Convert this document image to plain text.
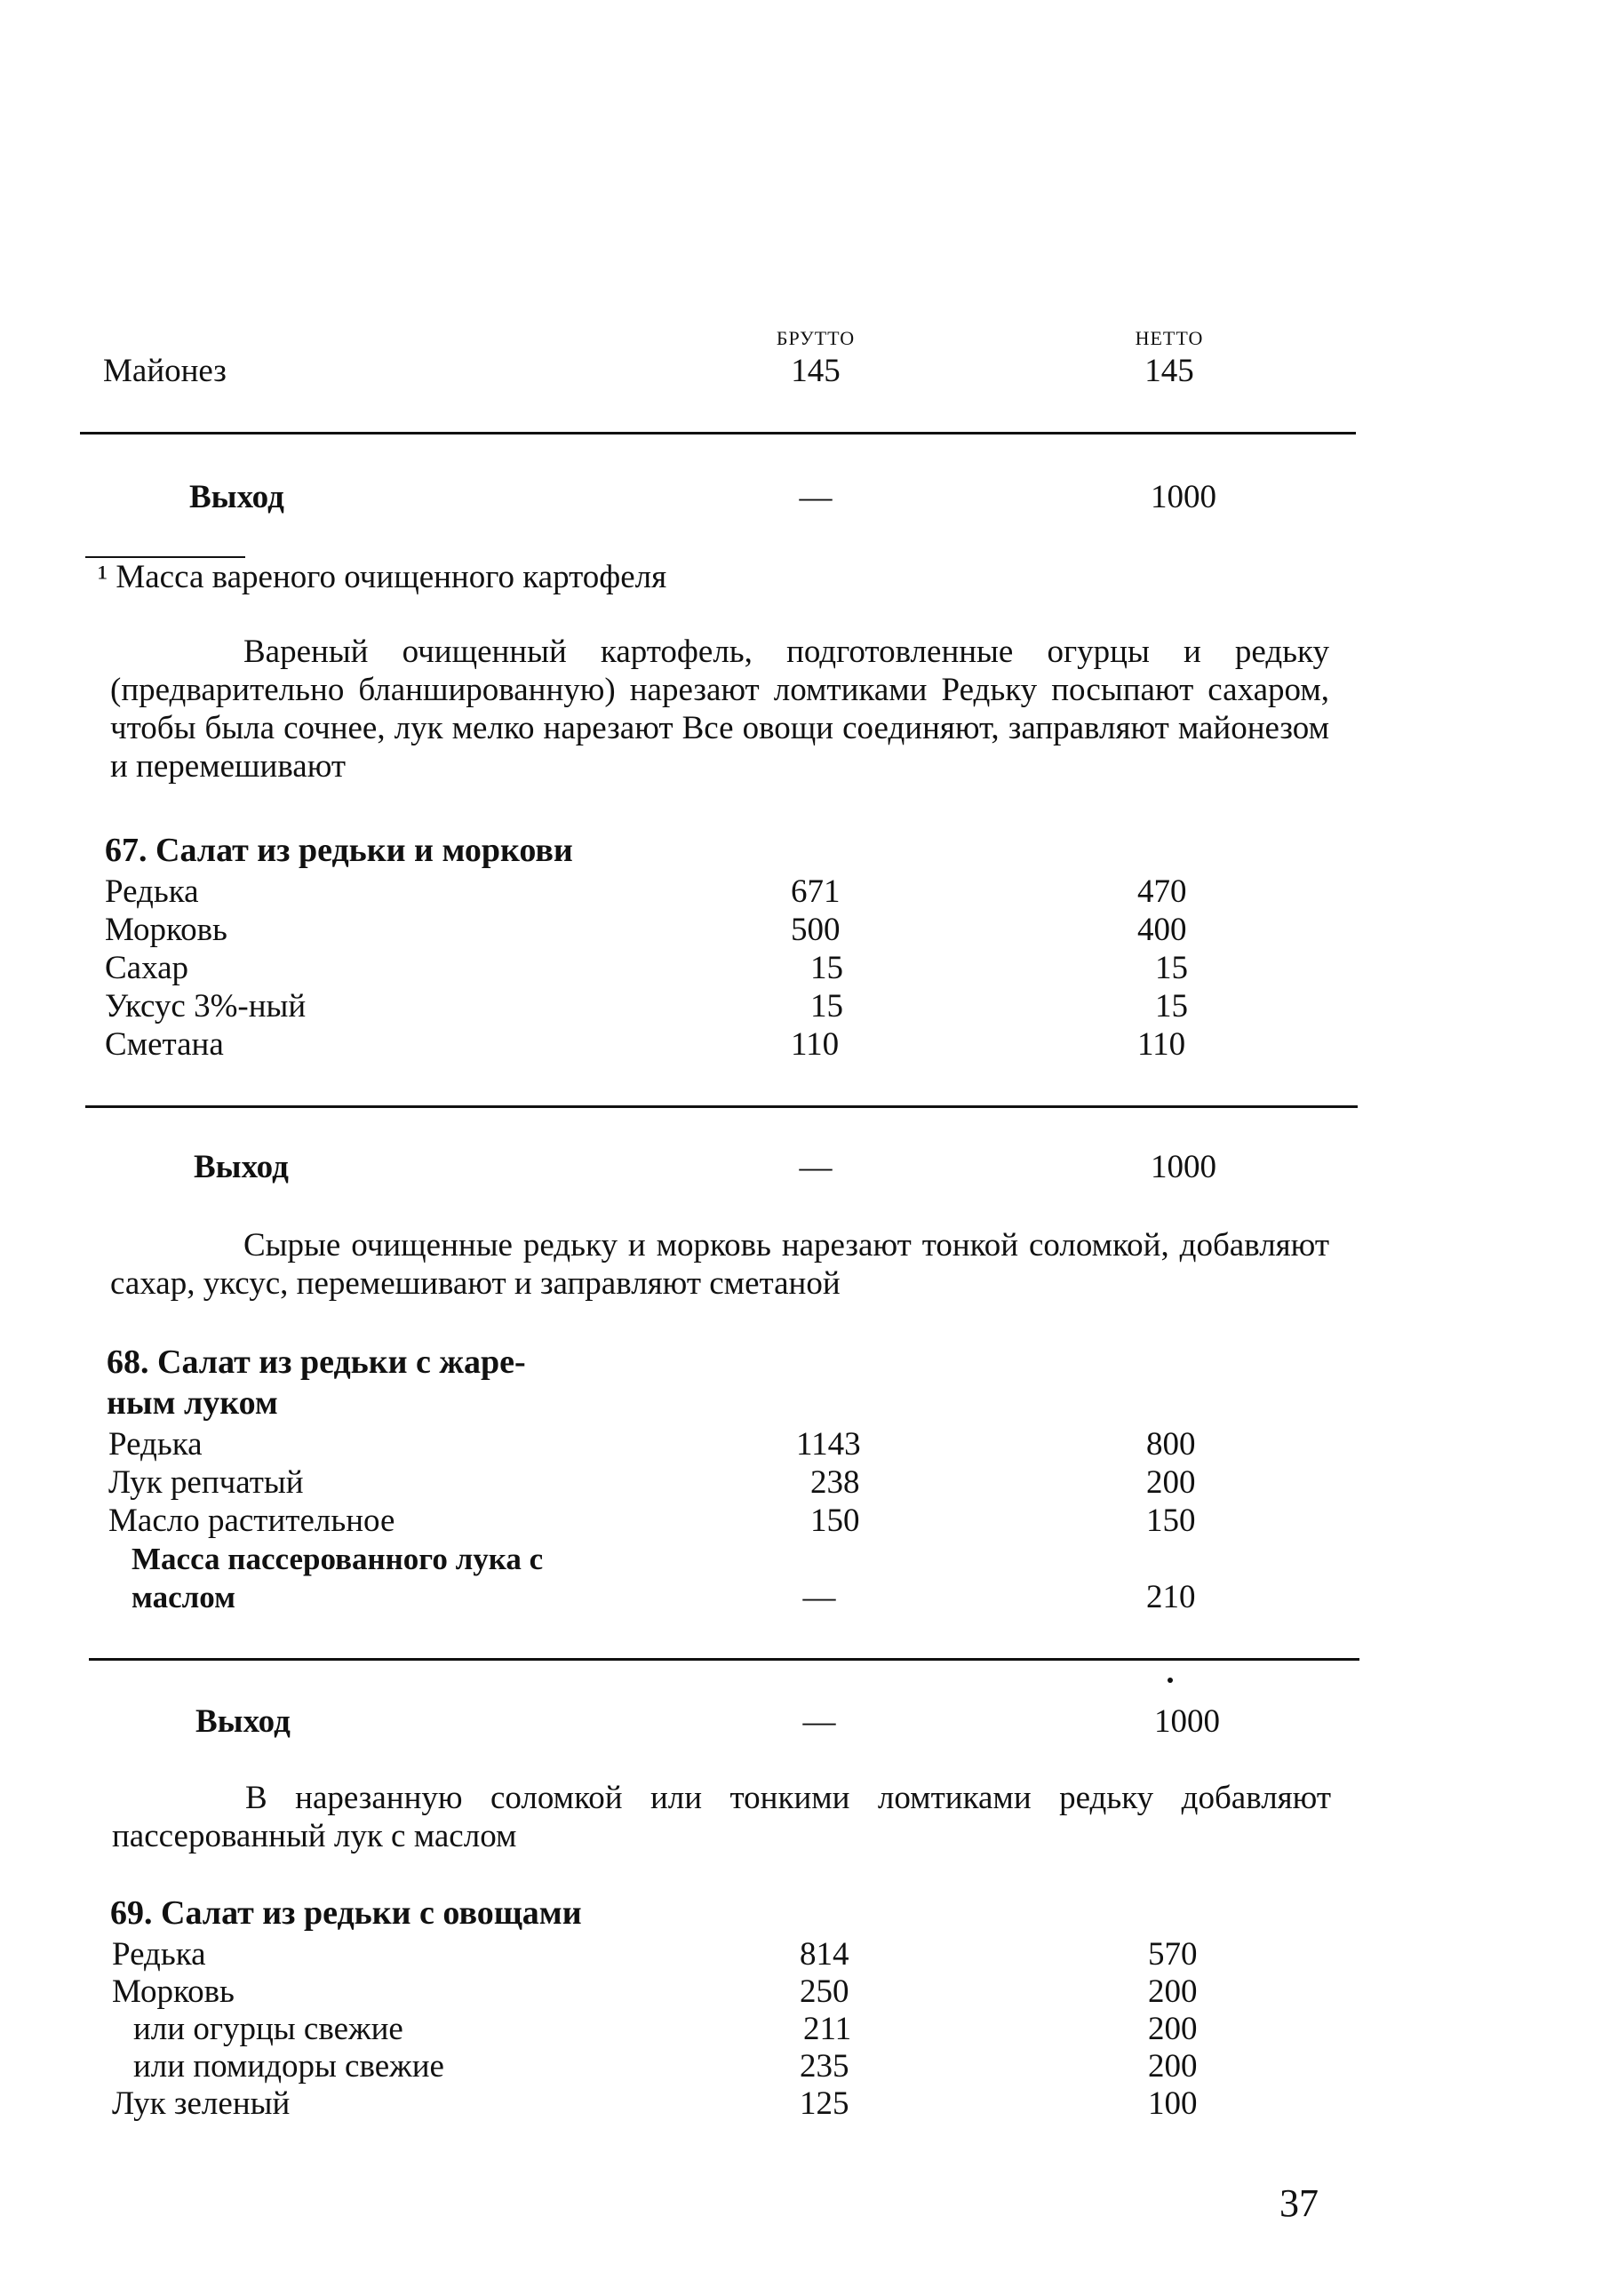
БРУТТО	НЕТТО
Майонез	145	145
Выход	—	1000
¹ Масса вареного очищенного картофеля
Вареный очищенный картофель, подготовленные огурцы и редьку (предварительно бланшированную) нарезают ломтиками Редьку посыпают сахаром, чтобы была сочнее, лук мелко нарезают Все овощи соединяют, заправляют майонезом и перемешивают
67. Салат из редьки и моркови
Редька	671	470
Морковь	500	400
Сахар	15	15
Уксус 3%-ный	15	15
Сметана	110	110
Выход	—	1000
Сырые очищенные редьку и морковь нарезают тонкой соломкой, добавляют сахар, уксус, перемешивают и заправляют сметаной
68. Салат из редьки с жаре-
ным луком
Редька	1143	800
Лук репчатый	238	200
Масло растительное	150	150
Масса пассерованного лука с
маслом	—	210
Выход	—	1000
В нарезанную соломкой или тонкими ломтиками редьку добавляют пассерованный лук с маслом
69. Салат из редьки с овощами
Редька	814	570
Морковь	250	200
или огурцы свежие	211	200
или помидоры свежие	235	200
Лук зеленый	125	100
37
